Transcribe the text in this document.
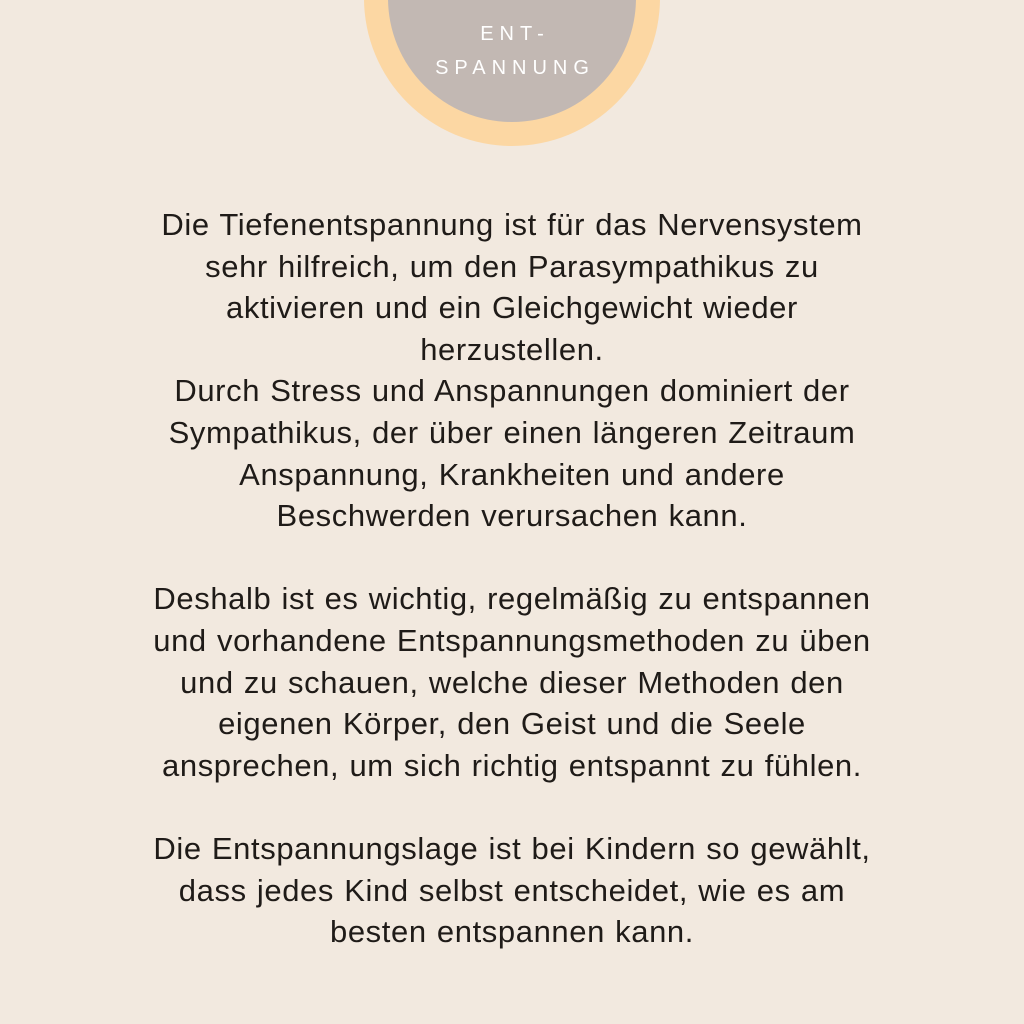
ENT-
SPANNUNG
Die Tiefenentspannung ist für das Nervensystem
sehr hilfreich, um den Parasympathikus zu
aktivieren und ein Gleichgewicht wieder
herzustellen.
Durch Stress und Anspannungen dominiert der
Sympathikus, der über einen längeren Zeitraum
Anspannung, Krankheiten und andere
Beschwerden verursachen kann.
Deshalb ist es wichtig, regelmäßig zu entspannen
und vorhandene Entspannungsmethoden zu üben
und zu schauen, welche dieser Methoden den
eigenen Körper, den Geist und die Seele
ansprechen, um sich richtig entspannt zu fühlen.
Die Entspannungslage ist bei Kindern so gewählt,
dass jedes Kind selbst entscheidet, wie es am
besten entspannen kann.
